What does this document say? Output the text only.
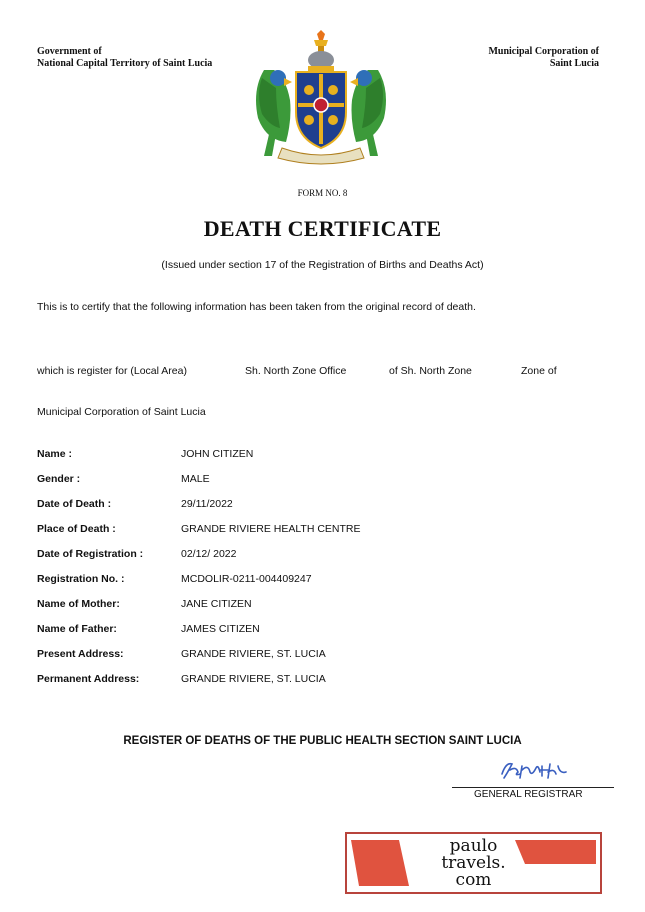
Government of
National Capital Territory of Saint Lucia
Municipal Corporation of
Saint Lucia
FORM NO. 8
DEATH CERTIFICATE
(Issued under section 17 of the Registration of Births and Deaths Act)
This is to certify that the following information has been taken from the original record of death.
which is register for (Local Area)	Sh. North Zone Office	of Sh. North Zone	Zone of
Municipal Corporation of Saint Lucia
Name :	JOHN CITIZEN
Gender :	MALE
Date of Death :	29/11/2022
Place of Death :	GRANDE RIVIERE HEALTH CENTRE
Date of Registration :	02/12/ 2022
Registration No. :	MCDOLIR-0211-004409247
Name of Mother:	JANE CITIZEN
Name of Father:	JAMES CITIZEN
Present Address:	GRANDE RIVIERE, ST. LUCIA
Permanent Address:	GRANDE RIVIERE, ST. LUCIA
REGISTER OF DEATHS OF THE PUBLIC HEALTH SECTION SAINT LUCIA
GENERAL REGISTRAR
paulo
travels.
com
